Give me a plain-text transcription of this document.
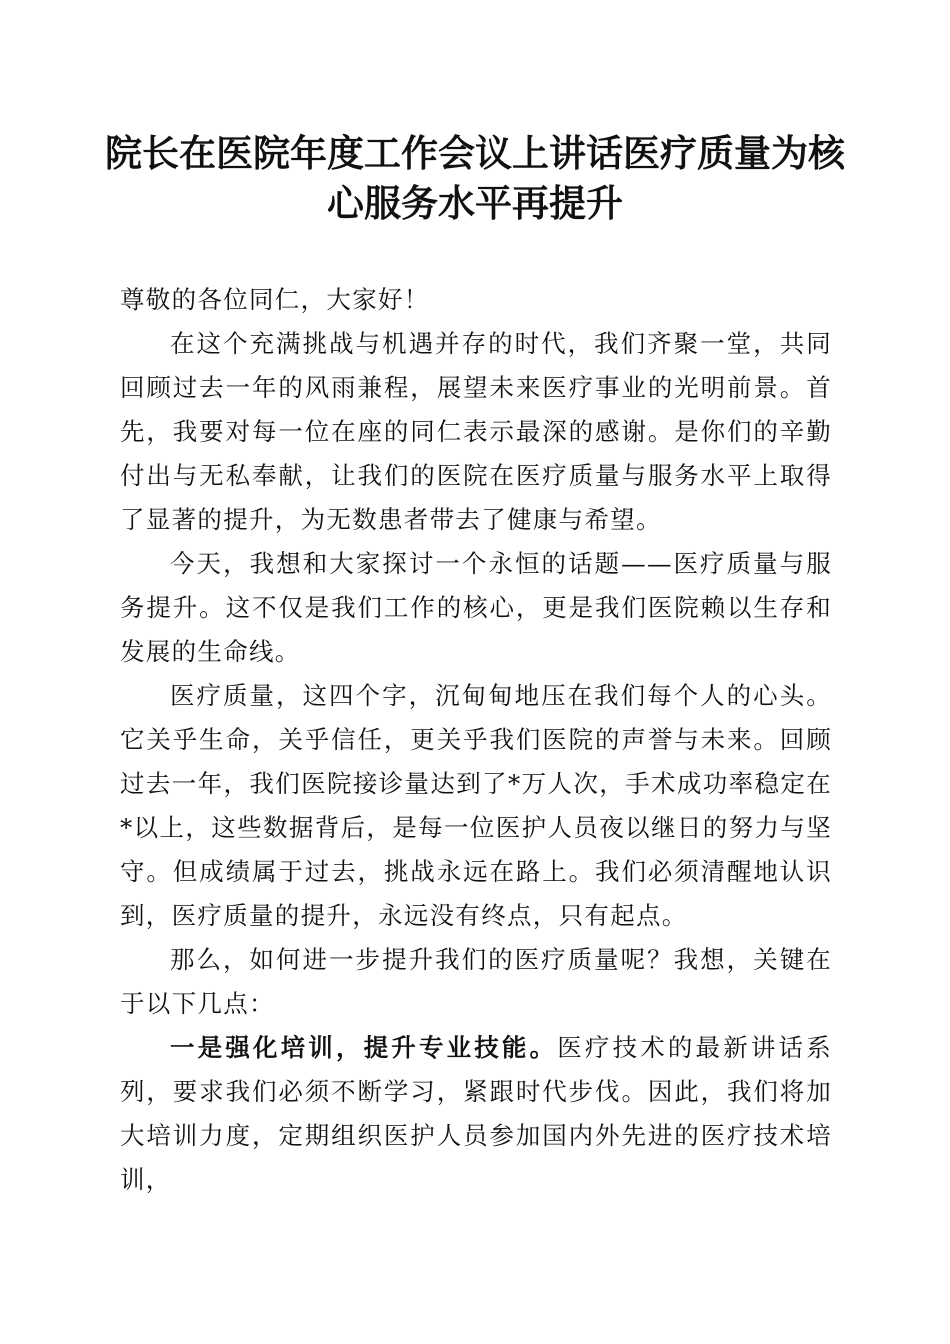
院长在医院年度工作会议上讲话医疗质量为核
心服务水平再提升

尊敬的各位同仁，大家好！

在这个充满挑战与机遇并存的时代，我们齐聚一堂，共同回顾过去一年的风雨兼程，展望未来医疗事业的光明前景。首先，我要对每一位在座的同仁表示最深的感谢。是你们的辛勤付出与无私奉献，让我们的医院在医疗质量与服务水平上取得了显著的提升，为无数患者带去了健康与希望。

今天，我想和大家探讨一个永恒的话题——医疗质量与服务提升。这不仅是我们工作的核心，更是我们医院赖以生存和发展的生命线。

医疗质量，这四个字，沉甸甸地压在我们每个人的心头。它关乎生命，关乎信任，更关乎我们医院的声誉与未来。回顾过去一年，我们医院接诊量达到了*万人次，手术成功率稳定在*以上，这些数据背后，是每一位医护人员夜以继日的努力与坚守。但成绩属于过去，挑战永远在路上。我们必须清醒地认识到，医疗质量的提升，永远没有终点，只有起点。

那么，如何进一步提升我们的医疗质量呢？我想，关键在于以下几点：

一是强化培训，提升专业技能。医疗技术的最新讲话系列，要求我们必须不断学习，紧跟时代步伐。因此，我们将加大培训力度，定期组织医护人员参加国内外先进的医疗技术培训，
